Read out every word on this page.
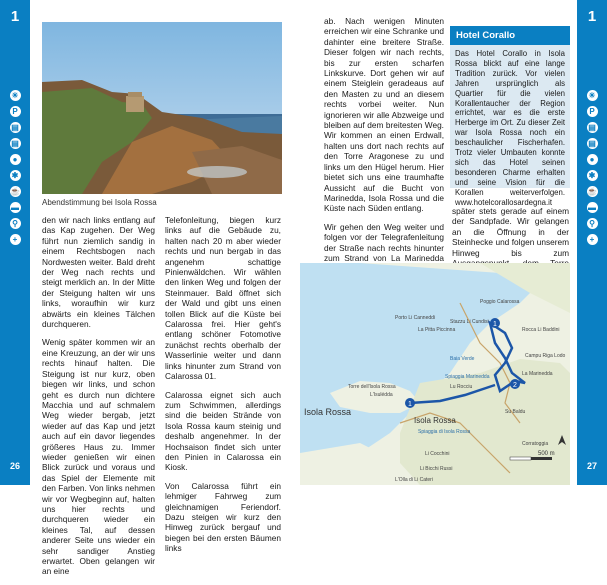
1
☀
P
▤
▤
●
✱
☕
▬
⚲
+
26
1
☀
P
▤
▤
●
✱
☕
▬
⚲
+
27
Abendstimmung bei Isola Rossa

den wir nach links entlang auf das Kap zugehen. Der Weg führt nun ziemlich sandig in einem Rechtsbogen nach Nordwesten weiter. Bald dreht der Weg nach rechts und steigt merklich an. In der Mitte der Steigung halten wir uns links, woraufhin wir kurz abwärts ein kleines Tälchen durchqueren.

Wenig später kommen wir an eine Kreuzung, an der wir uns rechts hinauf halten. Die Steigung ist nur kurz, oben biegen wir links, und schon geht es durch nun dichtere Macchia und auf schmalem Weg wieder bergab, jetzt wieder auf das Kap und jetzt auch auf ein davor liegendes größeres Haus zu. Immer wieder genießen wir einen Blick zurück und voraus und das Spiel der Elemente mit den Farben. Von links nehmen wir vor Wegbeginn auf, halten uns hier rechts und durchqueren wieder ein kleines Tal, auf dessen anderer Seite uns wieder ein sehr sandiger Anstieg erwartet. Oben gelangen wir an eine

Telefonleitung, biegen kurz links auf die Gebäude zu, halten nach 20 m aber wieder rechts und nun bergab in das angenehm schattige Pinienwäldchen. Wir wählen den linken Weg und folgen der Steinmauer. Bald öffnet sich der Wald und gibt uns einen tollen Blick auf die Küste bei Calarossa frei. Hier geht's entlang schöner Fotomotive zunächst rechts oberhalb der Wasserlinie weiter und dann links hinunter zum Strand von Calarossa 01.

Calarossa eignet sich auch zum Schwimmen, allerdings sind die beiden Strände von Isola Rossa kaum steinig und deshalb angenehmer. In der Hochsaison findet sich unter den Pinien in Calarossa ein Kiosk.

Von Calarossa führt ein lehmiger Fahrweg zum gleichnamigen Feriendorf. Dazu steigen wir kurz den Hinweg zurück bergauf und biegen bei den ersten Bäumen links

ab. Nach wenigen Minuten erreichen wir eine Schranke und dahinter eine breitere Straße. Dieser folgen wir nach rechts, bis zur ersten scharfen Linkskurve. Dort gehen wir auf einem Steiglein geradeaus auf den Masten zu und an diesem rechts vorbei weiter. Nun ignorieren wir alle Abzweige und bleiben auf dem breitesten Weg. Wir kommen an einen Erdwall, halten uns dort nach rechts auf den Torre Aragonese zu und links um den Hügel herum. Hier bietet sich uns eine traumhafte Aussicht auf die Bucht von Marinedda, Isola Rossa und die Küste nach Süden entlang.

Wir gehen den Weg weiter und folgen vor der Telegrafenleitung der Straße nach rechts hinunter zum Strand von La Marinedda

später stets gerade auf einem der Sandpfade. Wir gelangen an die Öffnung in der Steinhecke und folgen unserem Hinweg bis zum

Hotel Corallo
Das Hotel Corallo in Isola Rossa blickt auf eine lange Tradition zurück. Vor vielen Jahren ursprünglich als Quartier für die vielen Korallentaucher der Region errichtet, war es die erste Herberge im Ort. Zu dieser Zeit war Isola Rossa noch ein beschaulicher Fischerhafen. Trotz vieler Umbauten konnte sich das Hotel seinen besonderen Charme erhalten und seine Vision für die Korallen weiterverfolgen. www.hotelcorallosardegna.it
1
2
1
Porto Li Canneddi
La Pitta Piccinna
Stazzu Li Cundisi
Isola Rossa
Torre dell'Isola Rossa
L'Isulédda
Isola Rossa
Spiaggia di Isola Rossa
Spiaggia Marinedda
Lu Rocciu
La Marinedda
Rocca Li Baddini
Su Baldu
Li Cocchini
Li Bicchi Russi
L'Olla di Li Cateri
Corratoggia
Baia Verde
Poggio Calarossa
Campu Riga Lodo
500 m
